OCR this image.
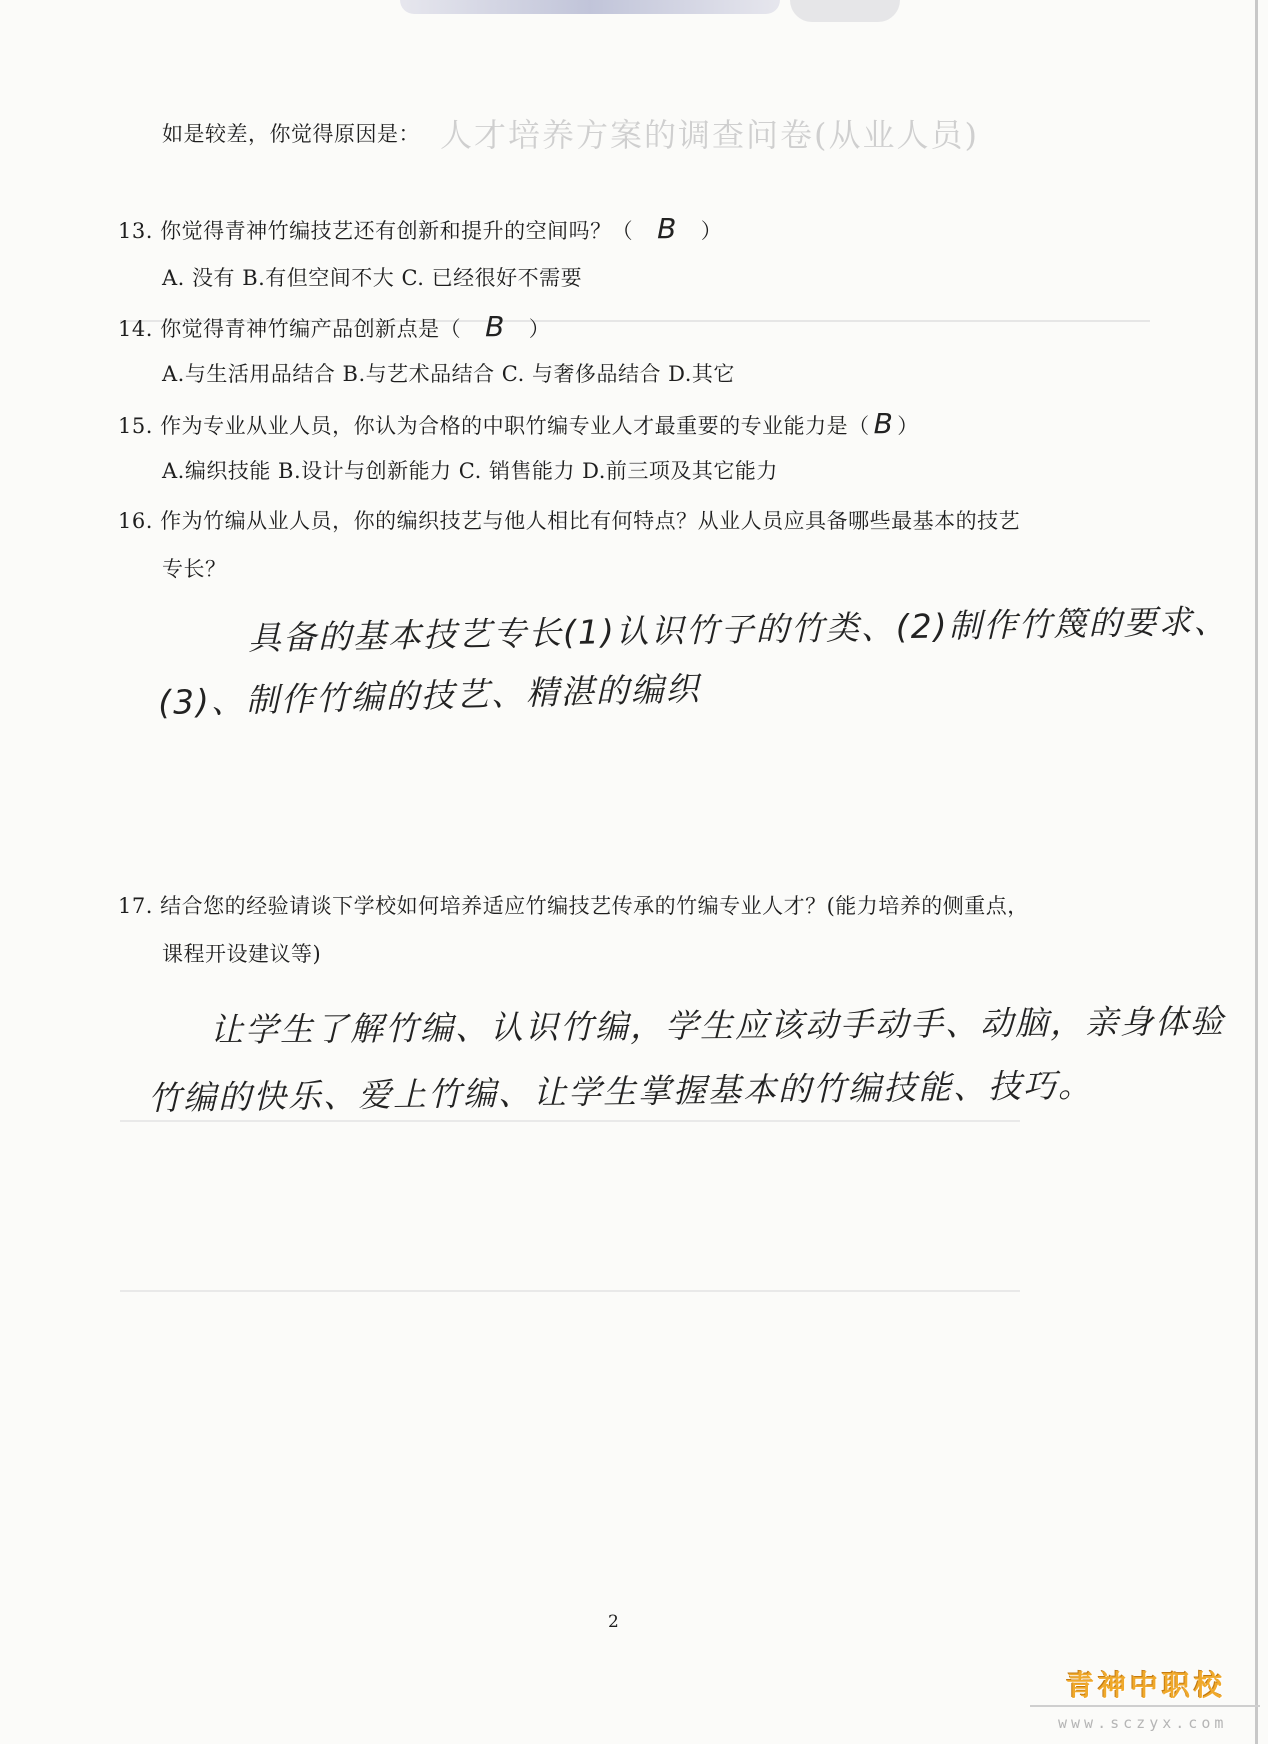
人才培养方案的调查问卷(从业人员)
如是较差，你觉得原因是：
13. 你觉得青神竹编技艺还有创新和提升的空间吗？（ B ）
A. 没有 B.有但空间不大 C. 已经很好不需要
14. 你觉得青神竹编产品创新点是（ B ）
A.与生活用品结合 B.与艺术品结合 C. 与奢侈品结合 D.其它
15. 作为专业从业人员，你认为合格的中职竹编专业人才最重要的专业能力是（ B ）
A.编织技能 B.设计与创新能力 C. 销售能力 D.前三项及其它能力
16. 作为竹编从业人员，你的编织技艺与他人相比有何特点？从业人员应具备哪些最基本的技艺
专长？
具备的基本技艺专长(1)认识竹子的竹类、(2)制作竹篾的要求、
(3)、制作竹编的技艺、精湛的编织
17. 结合您的经验请谈下学校如何培养适应竹编技艺传承的竹编专业人才？(能力培养的侧重点，
课程开设建议等)
让学生了解竹编、认识竹编，学生应该动手动手、动脑，亲身体验
竹编的快乐、爱上竹编、让学生掌握基本的竹编技能、技巧。
2
青神中职校
www.sczyx.com
